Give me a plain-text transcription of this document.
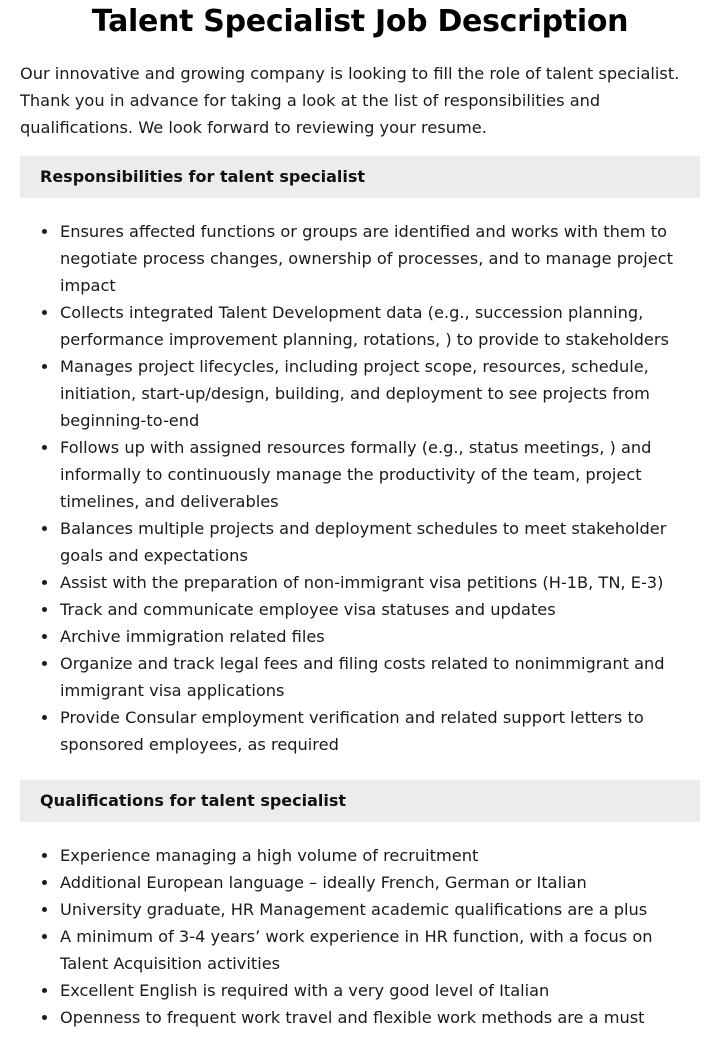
Talent Specialist Job Description

Our innovative and growing company is looking to fill the role of talent specialist. Thank you in advance for taking a look at the list of responsibilities and qualifications. We look forward to reviewing your resume.

Responsibilities for talent specialist
Ensures affected functions or groups are identified and works with them to negotiate process changes, ownership of processes, and to manage project impact
Collects integrated Talent Development data (e.g., succession planning, performance improvement planning, rotations, ) to provide to stakeholders
Manages project lifecycles, including project scope, resources, schedule, initiation, start-up/design, building, and deployment to see projects from beginning-to-end
Follows up with assigned resources formally (e.g., status meetings, ) and informally to continuously manage the productivity of the team, project timelines, and deliverables
Balances multiple projects and deployment schedules to meet stakeholder goals and expectations
Assist with the preparation of non-immigrant visa petitions (H-1B, TN, E-3)
Track and communicate employee visa statuses and updates
Archive immigration related files
Organize and track legal fees and filing costs related to nonimmigrant and immigrant visa applications
Provide Consular employment verification and related support letters to sponsored employees, as required
Qualifications for talent specialist
Experience managing a high volume of recruitment
Additional European language – ideally French, German or Italian
University graduate, HR Management academic qualifications are a plus
A minimum of 3-4 years’ work experience in HR function, with a focus on Talent Acquisition activities
Excellent English is required with a very good level of Italian
Openness to frequent work travel and flexible work methods are a must
